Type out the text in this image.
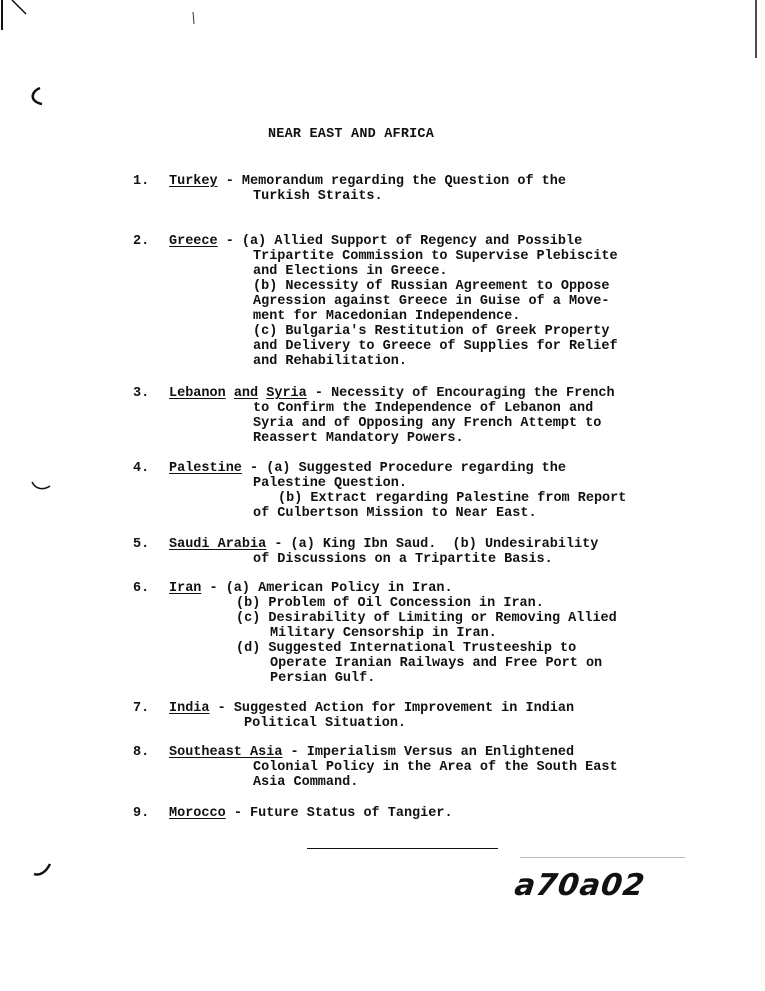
NEAR EAST AND AFRICA

1.

Turkey - Memorandum regarding the Question of the

Turkish Straits.

2.

Greece - (a) Allied Support of Regency and Possible

Tripartite Commission to Supervise Plebiscite

and Elections in Greece.

(b) Necessity of Russian Agreement to Oppose

Agression against Greece in Guise of a Move-

ment for Macedonian Independence.

(c) Bulgaria's Restitution of Greek Property

and Delivery to Greece of Supplies for Relief

and Rehabilitation.

3.

Lebanon and Syria - Necessity of Encouraging the French

to Confirm the Independence of Lebanon and

Syria and of Opposing any French Attempt to

Reassert Mandatory Powers.

4.

Palestine - (a) Suggested Procedure regarding the

Palestine Question.

(b) Extract regarding Palestine from Report

of Culbertson Mission to Near East.

5.

Saudi Arabia - (a) King Ibn Saud.  (b) Undesirability

of Discussions on a Tripartite Basis.

6.

Iran - (a) American Policy in Iran.

(b) Problem of Oil Concession in Iran.

(c) Desirability of Limiting or Removing Allied

Military Censorship in Iran.

(d) Suggested International Trusteeship to

Operate Iranian Railways and Free Port on

Persian Gulf.

7.

India - Suggested Action for Improvement in Indian

Political Situation.

8.

Southeast Asia - Imperialism Versus an Enlightened

Colonial Policy in the Area of the South East

Asia Command.

9.

Morocco - Future Status of Tangier.

a70a02
